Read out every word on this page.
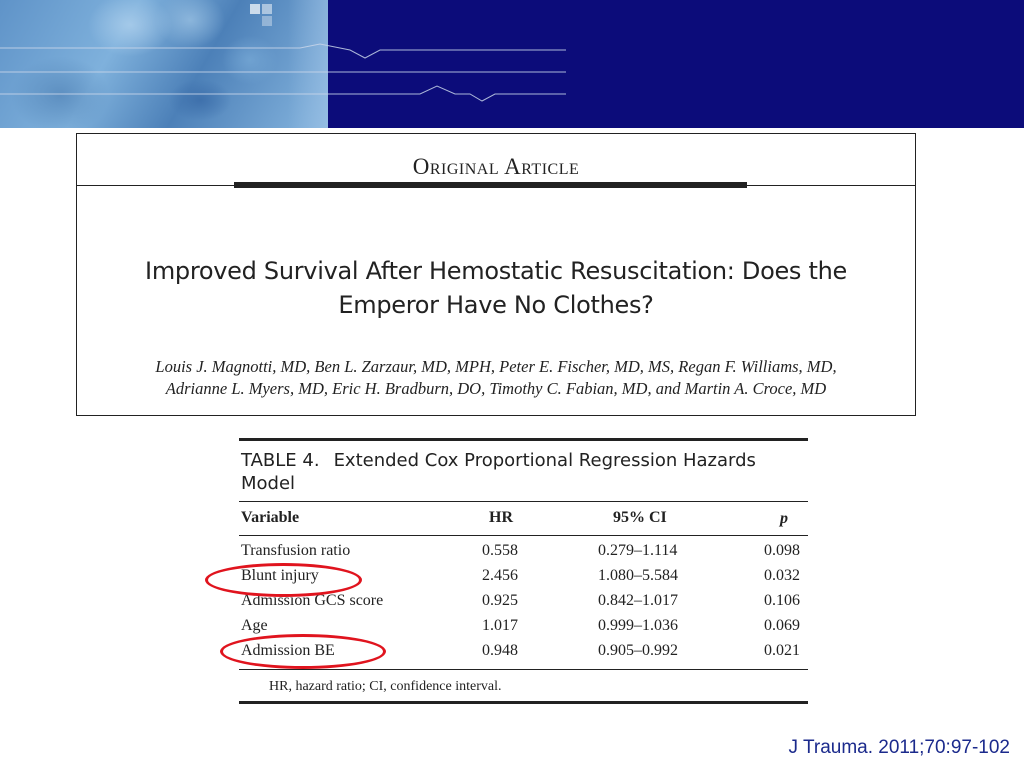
Original Article
Improved Survival After Hemostatic Resuscitation: Does the
Emperor Have No Clothes?
Louis J. Magnotti, MD, Ben L. Zarzaur, MD, MPH, Peter E. Fischer, MD, MS, Regan F. Williams, MD,
Adrianne L. Myers, MD, Eric H. Bradburn, DO, Timothy C. Fabian, MD, and Martin A. Croce, MD
TABLE 4. Extended Cox Proportional Regression Hazards
Model
Variable	HR	95% CI	p
Transfusion ratio	0.558	0.279–1.114	0.098
Blunt injury	2.456	1.080–5.584	0.032
Admission GCS score	0.925	0.842–1.017	0.106
Age	1.017	0.999–1.036	0.069
Admission BE	0.948	0.905–0.992	0.021
HR, hazard ratio; CI, confidence interval.
J Trauma. 2011;70:97-102
